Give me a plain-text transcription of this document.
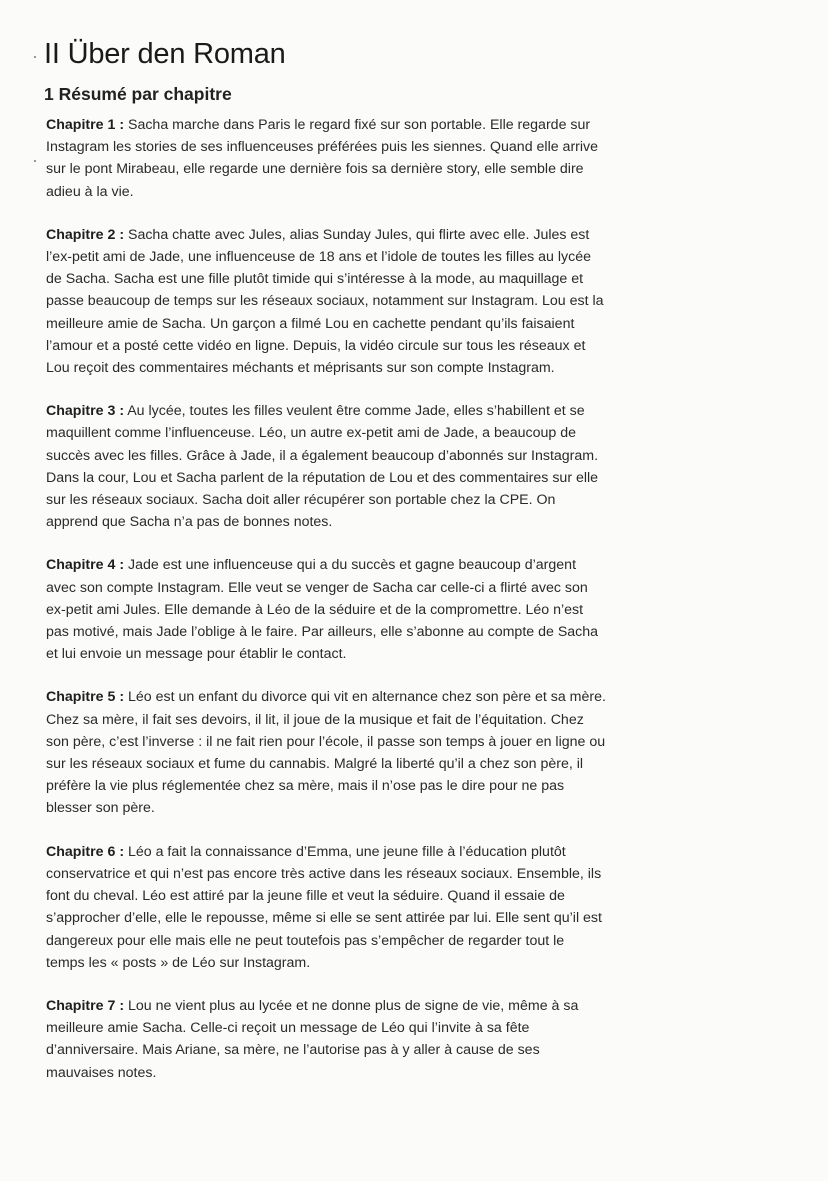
II Über den Roman
1 Résumé par chapitre

Chapitre 1 : Sacha marche dans Paris le regard fixé sur son portable. Elle regarde sur Instagram les stories de ses influenceuses préférées puis les siennes. Quand elle arrive sur le pont Mirabeau, elle regarde une dernière fois sa dernière story, elle semble dire adieu à la vie.

Chapitre 2 : Sacha chatte avec Jules, alias Sunday Jules, qui flirte avec elle. Jules est l’ex-petit ami de Jade, une influenceuse de 18 ans et l’idole de toutes les filles au lycée de Sacha. Sacha est une fille plutôt timide qui s’intéresse à la mode, au maquillage et passe beaucoup de temps sur les réseaux sociaux, notamment sur Instagram. Lou est la meilleure amie de Sacha. Un garçon a filmé Lou en cachette pendant qu’ils faisaient l’amour et a posté cette vidéo en ligne. Depuis, la vidéo circule sur tous les réseaux et Lou reçoit des commentaires méchants et méprisants sur son compte Instagram.

Chapitre 3 : Au lycée, toutes les filles veulent être comme Jade, elles s’habillent et se maquillent comme l’influenceuse. Léo, un autre ex-petit ami de Jade, a beaucoup de succès avec les filles. Grâce à Jade, il a également beaucoup d’abonnés sur Instagram. Dans la cour, Lou et Sacha parlent de la réputation de Lou et des commentaires sur elle sur les réseaux sociaux. Sacha doit aller récupérer son portable chez la CPE. On apprend que Sacha n’a pas de bonnes notes.

Chapitre 4 : Jade est une influenceuse qui a du succès et gagne beaucoup d’argent avec son compte Instagram. Elle veut se venger de Sacha car celle-ci a flirté avec son ex-petit ami Jules. Elle demande à Léo de la séduire et de la compromettre. Léo n’est pas motivé, mais Jade l’oblige à le faire. Par ailleurs, elle s’abonne au compte de Sacha et lui envoie un message pour établir le contact.

Chapitre 5 : Léo est un enfant du divorce qui vit en alternance chez son père et sa mère. Chez sa mère, il fait ses devoirs, il lit, il joue de la musique et fait de l’équitation. Chez son père, c’est l’inverse : il ne fait rien pour l’école, il passe son temps à jouer en ligne ou sur les réseaux sociaux et fume du cannabis. Malgré la liberté qu’il a chez son père, il préfère la vie plus réglementée chez sa mère, mais il n’ose pas le dire pour ne pas blesser son père.

Chapitre 6 : Léo a fait la connaissance d’Emma, une jeune fille à l’éducation plutôt conservatrice et qui n’est pas encore très active dans les réseaux sociaux. Ensemble, ils font du cheval. Léo est attiré par la jeune fille et veut la séduire. Quand il essaie de s’approcher d’elle, elle le repousse, même si elle se sent attirée par lui. Elle sent qu’il est dangereux pour elle mais elle ne peut toutefois pas s’empêcher de regarder tout le temps les « posts » de Léo sur Instagram.

Chapitre 7 : Lou ne vient plus au lycée et ne donne plus de signe de vie, même à sa meilleure amie Sacha. Celle-ci reçoit un message de Léo qui l’invite à sa fête d’anniversaire. Mais Ariane, sa mère, ne l’autorise pas à y aller à cause de ses mauvaises notes.
